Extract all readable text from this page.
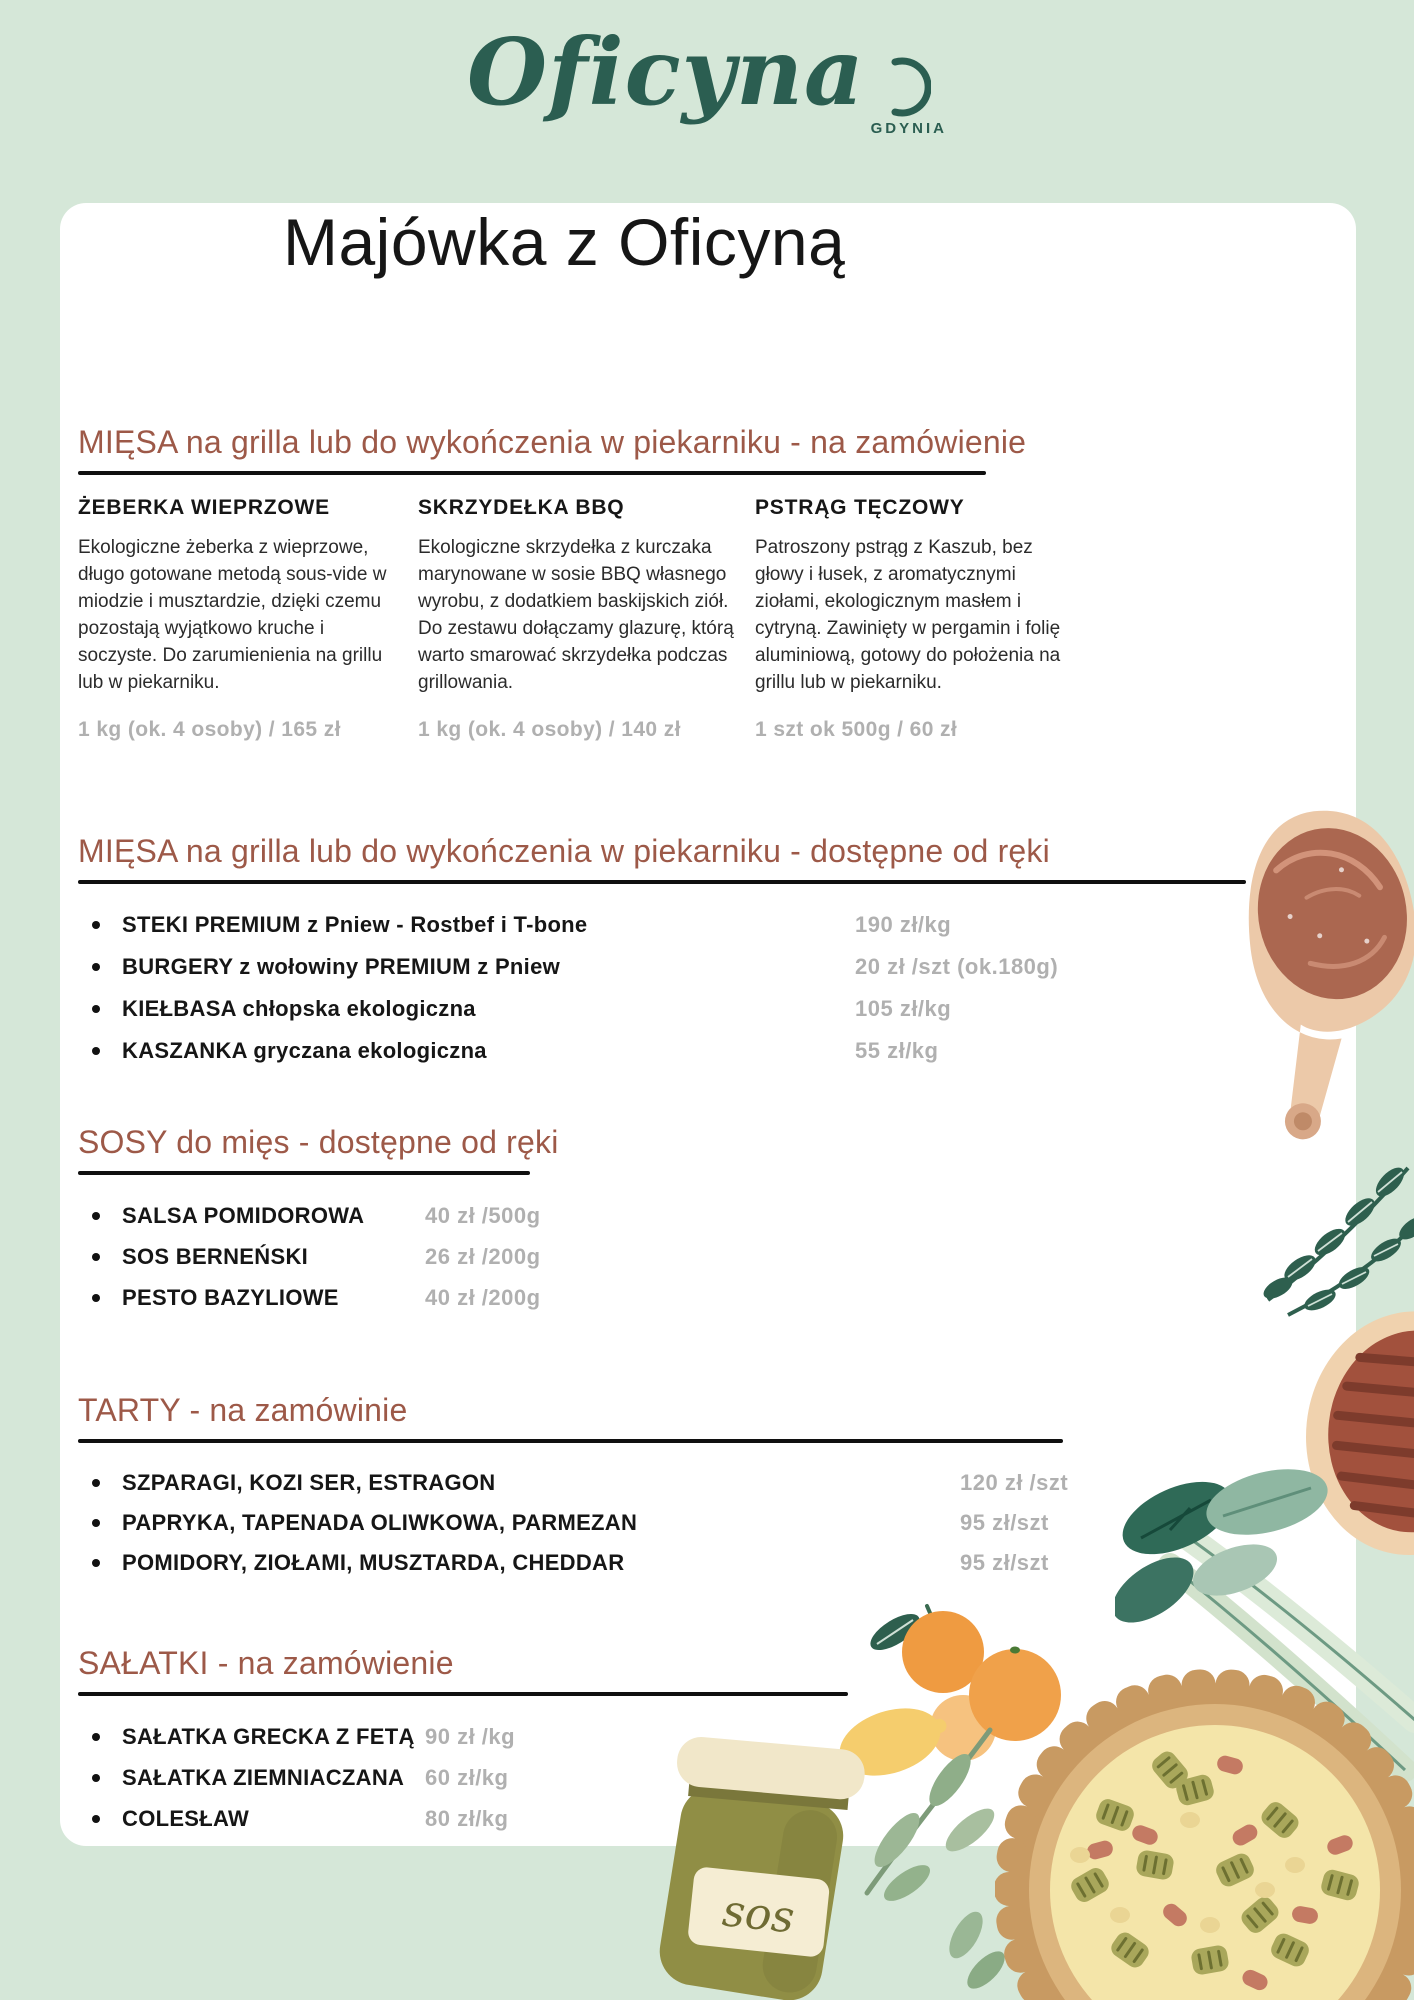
Oficyna
GDYNIA
Majówka z Oficyną
MIĘSA na grilla lub do wykończenia w piekarniku - na zamówienie
ŻEBERKA WIEPRZOWE

Ekologiczne żeberka z wieprzowe, długo gotowane metodą sous-vide w miodzie i musztardzie, dzięki czemu pozostają wyjątkowo kruche i soczyste. Do zarumienienia na grillu lub w piekarniku.

1 kg (ok. 4 osoby) / 165 zł
SKRZYDEŁKA BBQ

Ekologiczne skrzydełka z kurczaka marynowane w sosie BBQ własnego wyrobu, z dodatkiem baskijskich ziół. Do zestawu dołączamy glazurę, którą warto smarować skrzydełka podczas grillowania.

1 kg (ok. 4 osoby) / 140 zł
PSTRĄG TĘCZOWY

Patroszony pstrąg z Kaszub, bez głowy i łusek, z aromatycznymi ziołami, ekologicznym masłem i cytryną. Zawinięty w pergamin i folię aluminiową, gotowy do położenia na grillu lub w piekarniku.

1 szt ok 500g / 60 zł
MIĘSA na grilla lub do wykończenia w piekarniku - dostępne od ręki
STEKI PREMIUM z Pniew - Rostbef i T-bone	190 zł/kg
BURGERY z wołowiny PREMIUM z Pniew	20 zł /szt (ok.180g)
KIEŁBASA chłopska ekologiczna	105 zł/kg
KASZANKA gryczana ekologiczna	55 zł/kg
SOSY do mięs - dostępne od ręki
SALSA POMIDOROWA	40 zł /500g
SOS BERNEŃSKI	26 zł /200g
PESTO BAZYLIOWE	40 zł /200g
TARTY - na zamówinie
SZPARAGI, KOZI SER, ESTRAGON	120 zł /szt
PAPRYKA, TAPENADA OLIWKOWA, PARMEZAN	95 zł/szt
POMIDORY, ZIOŁAMI, MUSZTARDA, CHEDDAR	95 zł/szt
SAŁATKI - na zamówienie
SAŁATKA GRECKA Z FETĄ 90 zł /kg
SAŁATKA ZIEMNIACZANA 60 zł/kg
COLESŁAW	80 zł/kg
sos
